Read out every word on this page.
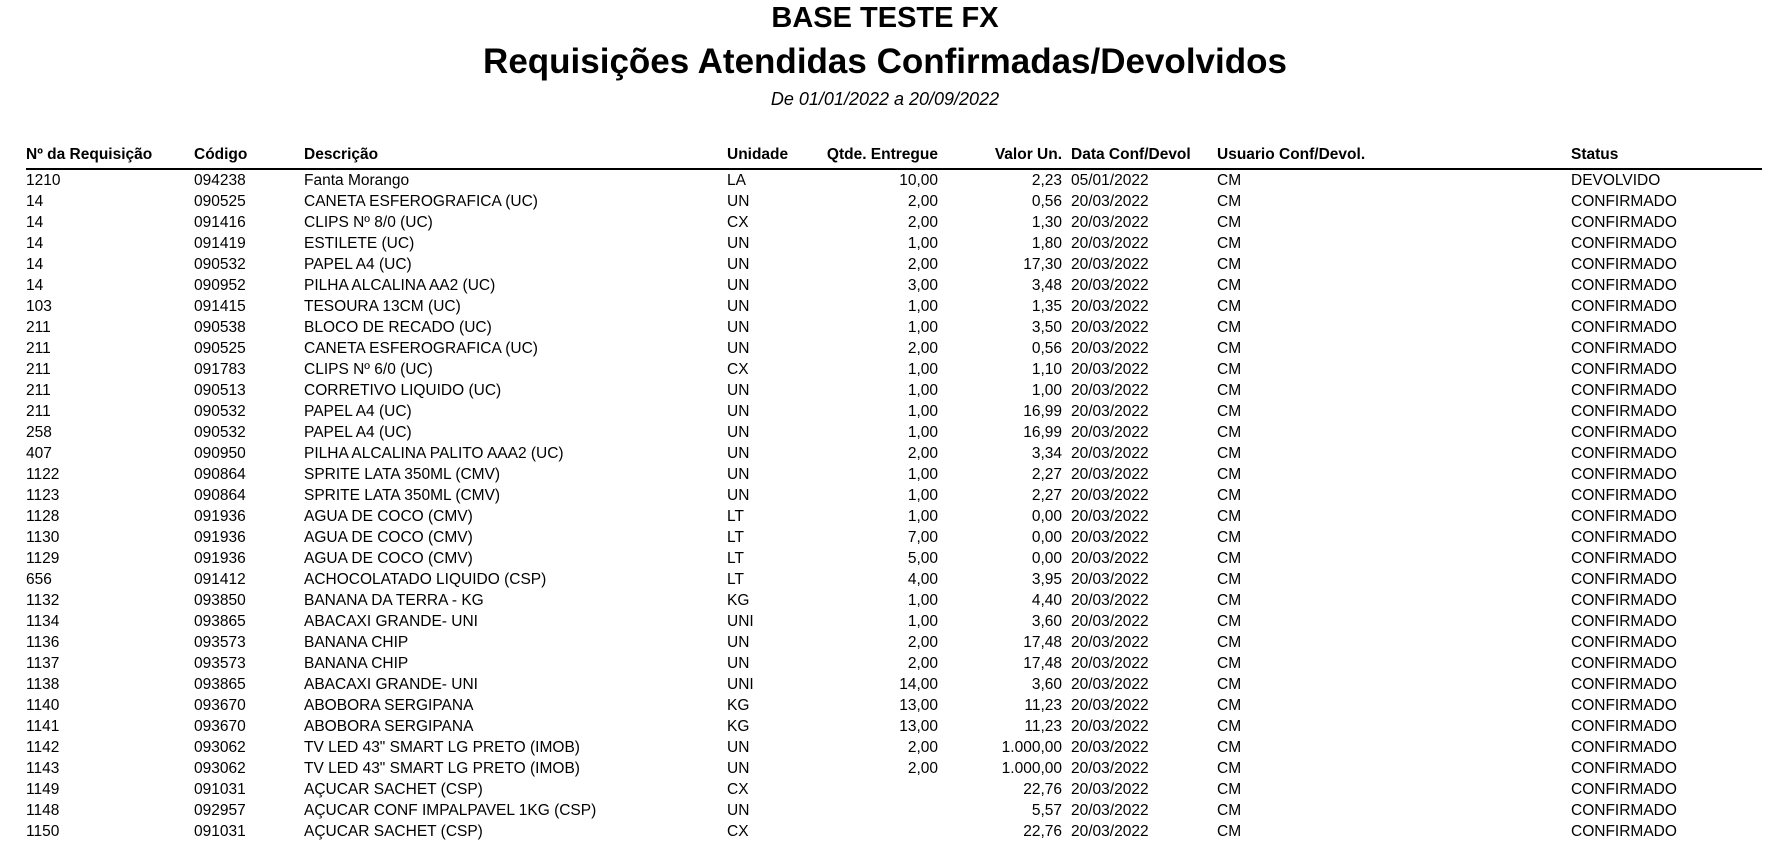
BASE TESTE FX
Requisições Atendidas Confirmadas/Devolvidos
De 01/01/2022 a 20/09/2022
Nº da Requisição	Código	Descrição	Unidade	Qtde. Entregue	Valor Un.		Data Conf/Devol	Usuario Conf/Devol.	Status
1210	094238	Fanta Morango	LA	10,00	2,23		05/01/2022	CM	DEVOLVIDO
14	090525	CANETA ESFEROGRAFICA (UC)	UN	2,00	0,56		20/03/2022	CM	CONFIRMADO
14	091416	CLIPS Nº 8/0 (UC)	CX	2,00	1,30		20/03/2022	CM	CONFIRMADO
14	091419	ESTILETE (UC)	UN	1,00	1,80		20/03/2022	CM	CONFIRMADO
14	090532	PAPEL A4 (UC)	UN	2,00	17,30		20/03/2022	CM	CONFIRMADO
14	090952	PILHA ALCALINA AA2 (UC)	UN	3,00	3,48		20/03/2022	CM	CONFIRMADO
103	091415	TESOURA 13CM (UC)	UN	1,00	1,35		20/03/2022	CM	CONFIRMADO
211	090538	BLOCO DE RECADO (UC)	UN	1,00	3,50		20/03/2022	CM	CONFIRMADO
211	090525	CANETA ESFEROGRAFICA (UC)	UN	2,00	0,56		20/03/2022	CM	CONFIRMADO
211	091783	CLIPS Nº 6/0 (UC)	CX	1,00	1,10		20/03/2022	CM	CONFIRMADO
211	090513	CORRETIVO LIQUIDO (UC)	UN	1,00	1,00		20/03/2022	CM	CONFIRMADO
211	090532	PAPEL A4 (UC)	UN	1,00	16,99		20/03/2022	CM	CONFIRMADO
258	090532	PAPEL A4 (UC)	UN	1,00	16,99		20/03/2022	CM	CONFIRMADO
407	090950	PILHA ALCALINA PALITO AAA2 (UC)	UN	2,00	3,34		20/03/2022	CM	CONFIRMADO
1122	090864	SPRITE LATA 350ML (CMV)	UN	1,00	2,27		20/03/2022	CM	CONFIRMADO
1123	090864	SPRITE LATA 350ML (CMV)	UN	1,00	2,27		20/03/2022	CM	CONFIRMADO
1128	091936	AGUA DE COCO (CMV)	LT	1,00	0,00		20/03/2022	CM	CONFIRMADO
1130	091936	AGUA DE COCO (CMV)	LT	7,00	0,00		20/03/2022	CM	CONFIRMADO
1129	091936	AGUA DE COCO (CMV)	LT	5,00	0,00		20/03/2022	CM	CONFIRMADO
656	091412	ACHOCOLATADO LIQUIDO (CSP)	LT	4,00	3,95		20/03/2022	CM	CONFIRMADO
1132	093850	BANANA DA TERRA - KG	KG	1,00	4,40		20/03/2022	CM	CONFIRMADO
1134	093865	ABACAXI GRANDE- UNI	UNI	1,00	3,60		20/03/2022	CM	CONFIRMADO
1136	093573	BANANA CHIP	UN	2,00	17,48		20/03/2022	CM	CONFIRMADO
1137	093573	BANANA CHIP	UN	2,00	17,48		20/03/2022	CM	CONFIRMADO
1138	093865	ABACAXI GRANDE- UNI	UNI	14,00	3,60		20/03/2022	CM	CONFIRMADO
1140	093670	ABOBORA SERGIPANA	KG	13,00	11,23		20/03/2022	CM	CONFIRMADO
1141	093670	ABOBORA SERGIPANA	KG	13,00	11,23		20/03/2022	CM	CONFIRMADO
1142	093062	TV LED 43" SMART LG PRETO (IMOB)	UN	2,00	1.000,00		20/03/2022	CM	CONFIRMADO
1143	093062	TV LED 43" SMART LG PRETO (IMOB)	UN	2,00	1.000,00		20/03/2022	CM	CONFIRMADO
1149	091031	AÇUCAR SACHET (CSP)	CX		22,76		20/03/2022	CM	CONFIRMADO
1148	092957	AÇUCAR CONF IMPALPAVEL 1KG (CSP)	UN		5,57		20/03/2022	CM	CONFIRMADO
1150	091031	AÇUCAR SACHET (CSP)	CX		22,76		20/03/2022	CM	CONFIRMADO
